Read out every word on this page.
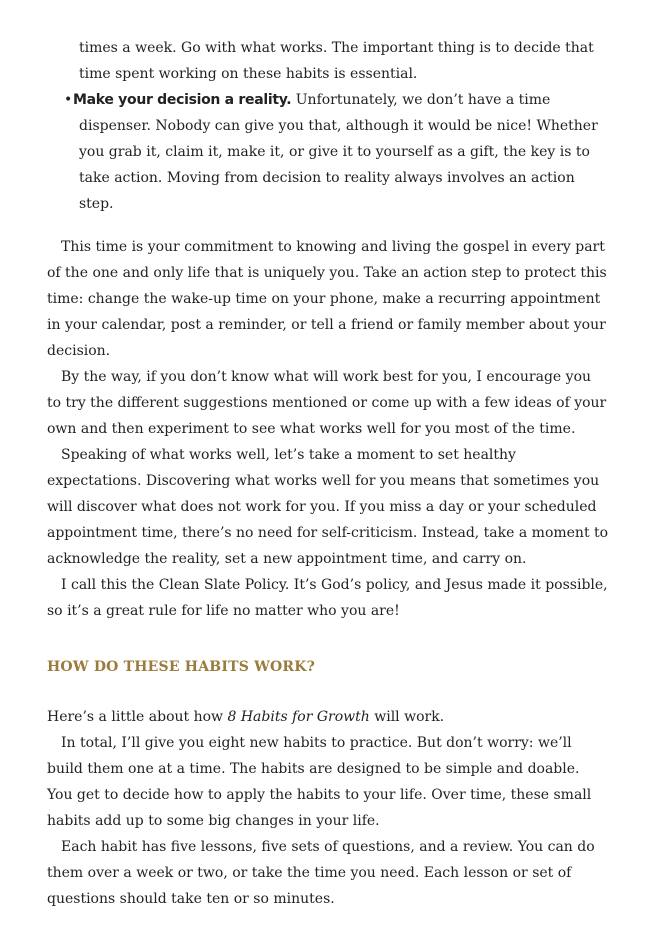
times a week. Go with what works. The important thing is to decide that time spent working on these habits is essential.

•Make your decision a reality. Unfortunately, we don’t have a time dispenser. Nobody can give you that, although it would be nice! Whether you grab it, claim it, make it, or give it to yourself as a gift, the key is to take action. Moving from decision to reality always involves an action step.

This time is your commitment to knowing and living the gospel in every part of the one and only life that is uniquely you. Take an action step to protect this time: change the wake-up time on your phone, make a recurring appointment in your calendar, post a reminder, or tell a friend or family member about your decision.

By the way, if you don’t know what will work best for you, I encourage you to try the different suggestions mentioned or come up with a few ideas of your own and then experiment to see what works well for you most of the time.

Speaking of what works well, let’s take a moment to set healthy expectations. Discovering what works well for you means that sometimes you will discover what does not work for you. If you miss a day or your scheduled appointment time, there’s no need for self-criticism. Instead, take a moment to acknowledge the reality, set a new appointment time, and carry on.

I call this the Clean Slate Policy. It’s God’s policy, and Jesus made it possible, so it’s a great rule for life no matter who you are!

HOW DO THESE HABITS WORK?

Here’s a little about how 8 Habits for Growth will work.

In total, I’ll give you eight new habits to practice. But don’t worry: we’ll build them one at a time. The habits are designed to be simple and doable. You get to decide how to apply the habits to your life. Over time, these small habits add up to some big changes in your life.

Each habit has five lessons, five sets of questions, and a review. You can do them over a week or two, or take the time you need. Each lesson or set of questions should take ten or so minutes.
